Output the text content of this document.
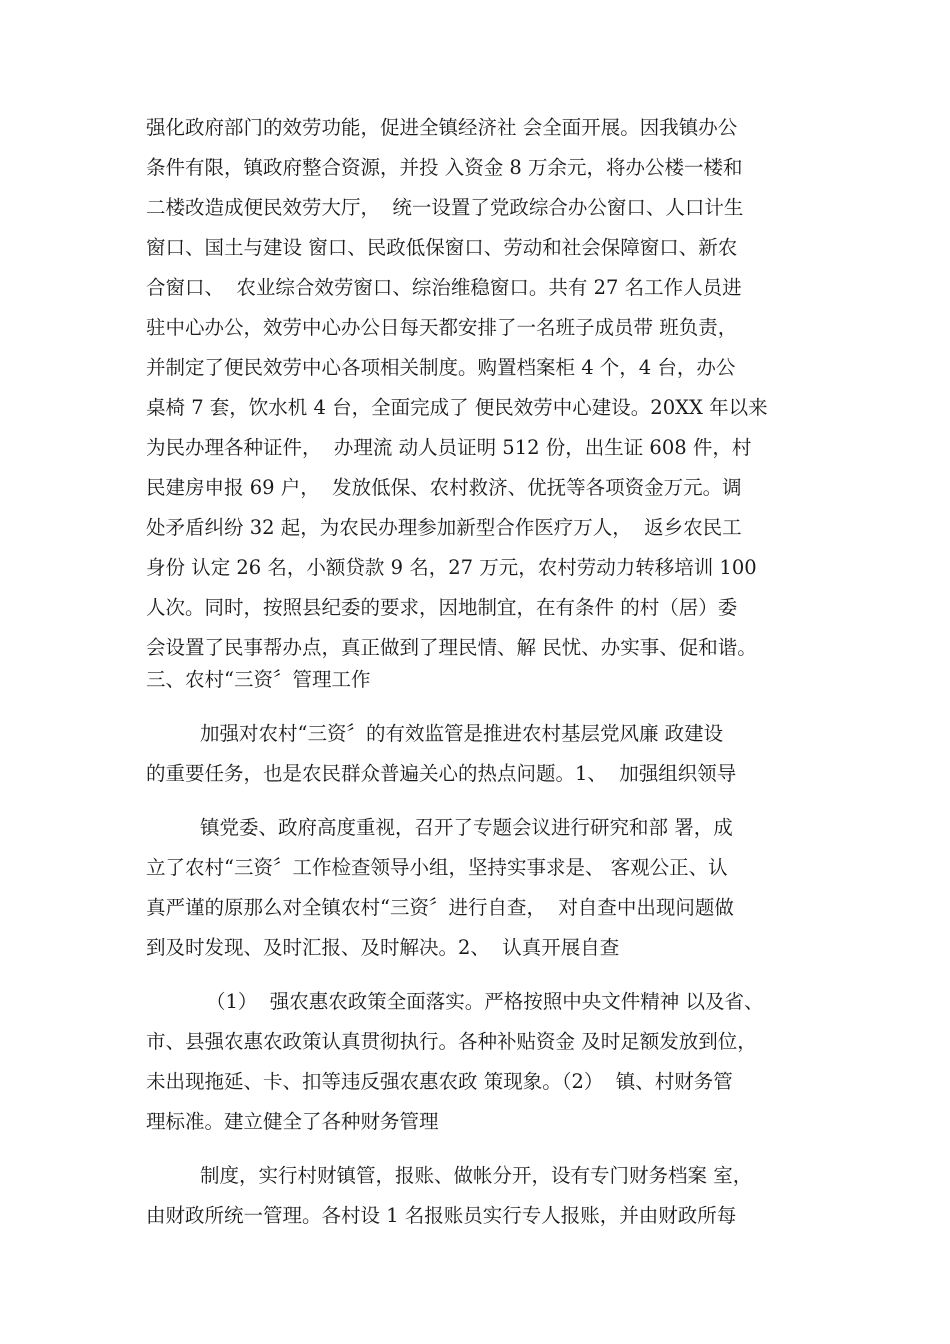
强化政府部门的效劳功能，促进全镇经济社 会全面开展。因我镇办公
条件有限，镇政府整合资源，并投 入资金 8 万余元，将办公楼一楼和
二楼改造成便民效劳大厅，  统一设置了党政综合办公窗口、人口计生
窗口、国土与建设 窗口、民政低保窗口、劳动和社会保障窗口、新农
合窗口、  农业综合效劳窗口、综治维稳窗口。共有 27 名工作人员进
驻中心办公，效劳中心办公日每天都安排了一名班子成员带 班负责，
并制定了便民效劳中心各项相关制度。购置档案柜 4 个，4 台，办公
桌椅 7 套，饮水机 4 台，全面完成了 便民效劳中心建设。20XX 年以来
为民办理各种证件，  办理流 动人员证明 512 份，出生证 608 件，村
民建房申报 69 户，  发放低保、农村救济、优抚等各项资金万元。调
处矛盾纠纷 32 起，为农民办理参加新型合作医疗万人，  返乡农民工
身份 认定 26 名，小额贷款 9 名，27 万元，农村劳动力转移培训 100
人次。同时，按照县纪委的要求，因地制宜，在有条件 的村（居）委
会设置了民事帮办点，真正做到了理民情、解 民忧、办实事、促和谐。
三、农村“三资〞管理工作
加强对农村“三资〞的有效监管是推进农村基层党风廉 政建设
的重要任务，也是农民群众普遍关心的热点问题。1、  加强组织领导
镇党委、政府高度重视，召开了专题会议进行研究和部 署，成
立了农村“三资〞工作检查领导小组，坚持实事求是、 客观公正、认
真严谨的原那么对全镇农村“三资〞进行自查，  对自查中出现问题做
到及时发现、及时汇报、及时解决。2、  认真开展自查
（1）  强农惠农政策全面落实。严格按照中央文件精神 以及省、
市、县强农惠农政策认真贯彻执行。各种补贴资金 及时足额发放到位，
未出现拖延、卡、扣等违反强农惠农政 策现象。（2）  镇、村财务管
理标准。建立健全了各种财务管理
制度，实行村财镇管，报账、做帐分开，设有专门财务档案 室，
由财政所统一管理。各村设 1 名报账员实行专人报账，并由财政所每
